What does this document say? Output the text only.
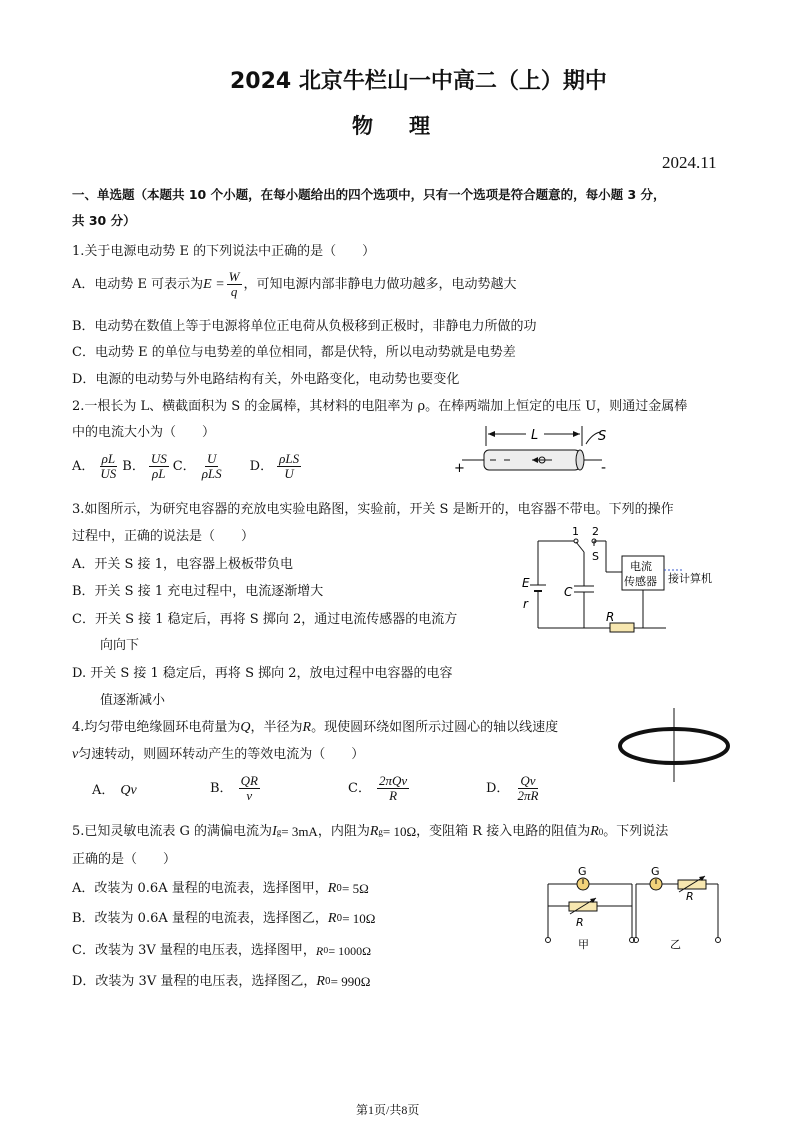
2024 北京牛栏山一中高二（上）期中
物理
2024.11
一、单选题（本题共 10 个小题，在每小题给出的四个选项中，只有一个选项是符合题意的，每小题 3 分，
共 30 分）
1.关于电源电动势 E 的下列说法中正确的是（　　）
A．电动势 E 可表示为 $E = \frac{W}{q}$ ，可知电源内部非静电力做功越多，电动势越大
B．电动势在数值上等于电源将单位正电荷从负极移到正极时，非静电力所做的功
C．电动势 E 的单位与电势差的单位相同，都是伏特，所以电动势就是电势差
D．电源的电动势与外电路结构有关，外电路变化，电动势也要变化
2.一根长为 L、横截面积为 S 的金属棒，其材料的电阻率为 ρ。在棒两端加上恒定的电压 U，则通过金属棒
中的电流大小为（　　）
A． $\frac{\rho L}{US}$ B． $\frac{US}{\rho L}$ C． $\frac{U}{\text{ρLS}}$ D． $\frac{\text{ρLS}}{U}$
L	S
+	-
3.如图所示，为研究电容器的充放电实验电路图，实验前，开关 S 是断开的，电容器不带电。下列的操作
过程中，正确的说法是（　　）
A．开关 S 接 1，电容器上极板带负电
B．开关 S 接 1 充电过程中，电流逐渐增大
C．开关 S 接 1 稳定后，再将 S 掷向 2，通过电流传感器的电流方
向向下
D. 开关 S 接 1 稳定后，再将 S 掷向 2，放电过程中电容器的电容
值逐渐减小
E
r
1 2
S
C
电流
传感器 接计算机
R
4.均匀带电绝缘圆环电荷量为 Q ，半径为 R 。现使圆环绕如图所示过圆心的轴以线速度
v 匀速转动，则圆环转动产生的等效电流为（　　）
A． Qv	B． $\frac{QR}{v}$	C． $\frac{\text{2πQv}}{R}$	D． $\frac{Qv}{2\pi R}$
5.已知灵敏电流表 G 的满偏电流为 I g = 3mA ，内阻为 R g = 10Ω ，变阻箱 R 接入电路的阻值为 R 0 。下列说法
正确的是（　　）
A．改装为 0.6A 量程的电流表，选择图甲， R 0 = 5Ω
B．改装为 0.6A 量程的电流表，选择图乙， R 0 = 10Ω
C．改装为 3V 量程的电压表，选择图甲， R 0 = 1000Ω
D．改装为 3V 量程的电压表，选择图乙， R 0 = 990Ω
G
R
甲
G
R
乙
第1页/共8页
